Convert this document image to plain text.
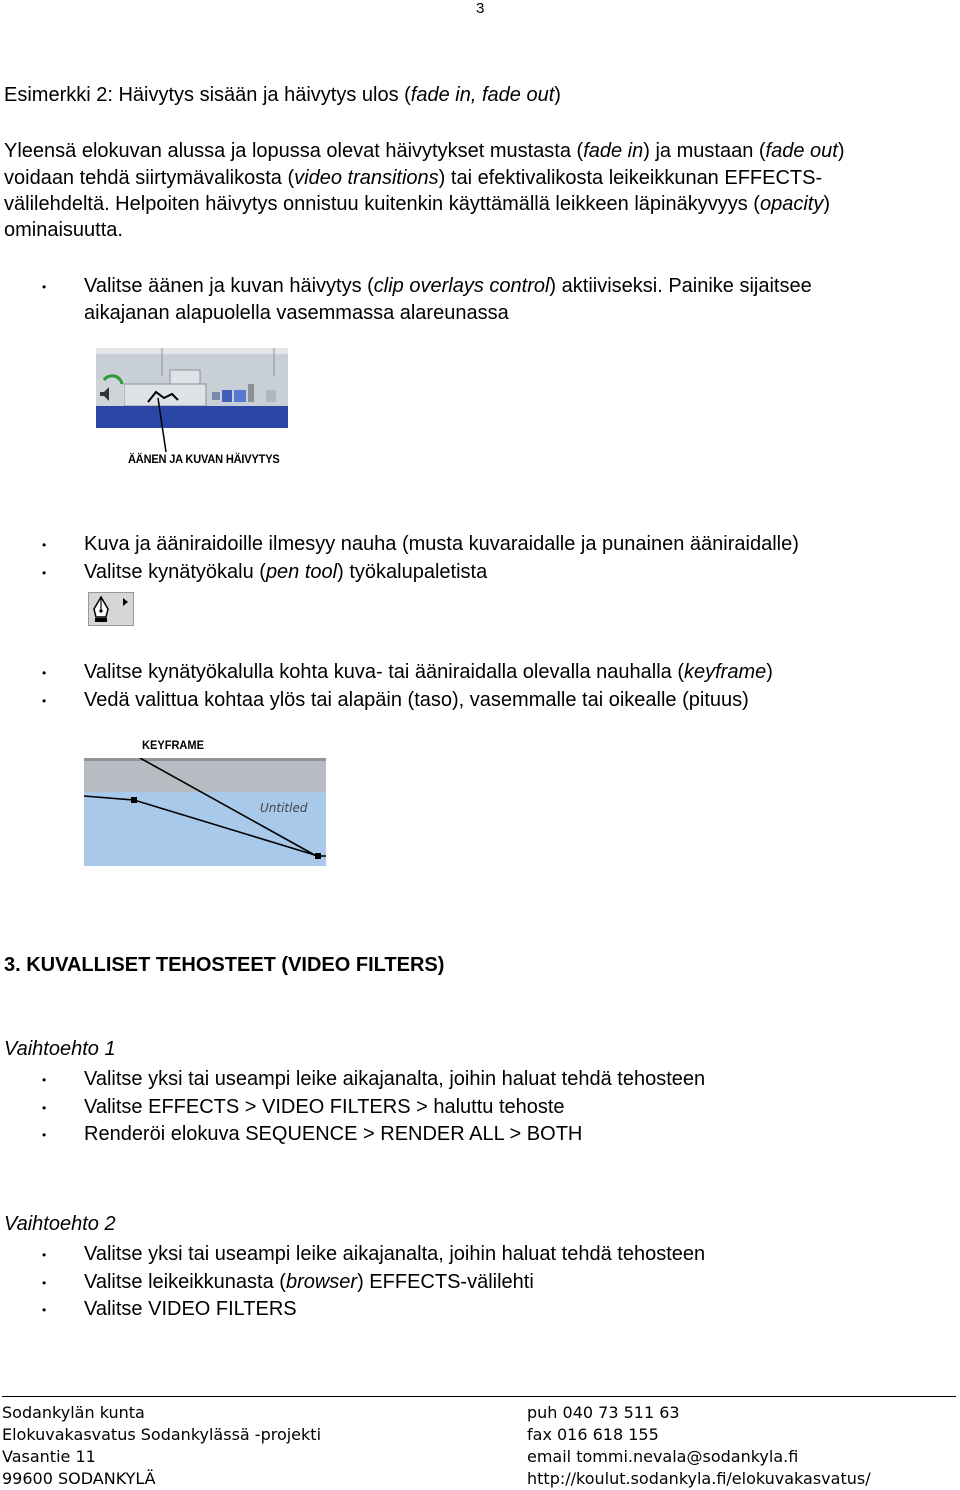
3
Esimerkki 2: Häivytys sisään ja häivytys ulos (fade in, fade out)
Yleensä elokuvan alussa ja lopussa olevat häivytykset mustasta (fade in) ja mustaan (fade out)
voidaan tehdä siirtymävalikosta (video transitions) tai efektivalikosta leikeikkunan EFFECTS-
välilehdeltä. Helpoiten häivytys onnistuu kuitenkin käyttämällä leikkeen läpinäkyvyys (opacity)
ominaisuutta.
• Valitse äänen ja kuvan häivytys (clip overlays control) aktiiviseksi. Painike sijaitsee
aikajanan alapuolella vasemmassa alareunassa
ÄÄNEN JA KUVAN HÄIVYTYS
• Kuva ja ääniraidoille ilmesyy nauha (musta kuvaraidalle ja punainen ääniraidalle)
• Valitse kynätyökalu (pen tool) työkalupaletista
• Valitse kynätyökalulla kohta kuva- tai ääniraidalla olevalla nauhalla (keyframe)
• Vedä valittua kohtaa ylös tai alapäin (taso), vasemmalle tai oikealle (pituus)
KEYFRAME
Untitled
3. KUVALLISET TEHOSTEET (VIDEO FILTERS)
Vaihtoehto 1
• Valitse yksi tai useampi leike aikajanalta, joihin haluat tehdä tehosteen
• Valitse EFFECTS > VIDEO FILTERS > haluttu tehoste
• Renderöi elokuva SEQUENCE > RENDER ALL > BOTH
Vaihtoehto 2
• Valitse yksi tai useampi leike aikajanalta, joihin haluat tehdä tehosteen
• Valitse leikeikkunasta (browser) EFFECTS-välilehti
• Valitse VIDEO FILTERS
Sodankylän kunta
Elokuvakasvatus Sodankylässä -projekti
Vasantie 11
99600 SODANKYLÄ
puh 040 73 511 63
fax 016 618 155
email tommi.nevala@sodankyla.fi
http://koulut.sodankyla.fi/elokuvakasvatus/
